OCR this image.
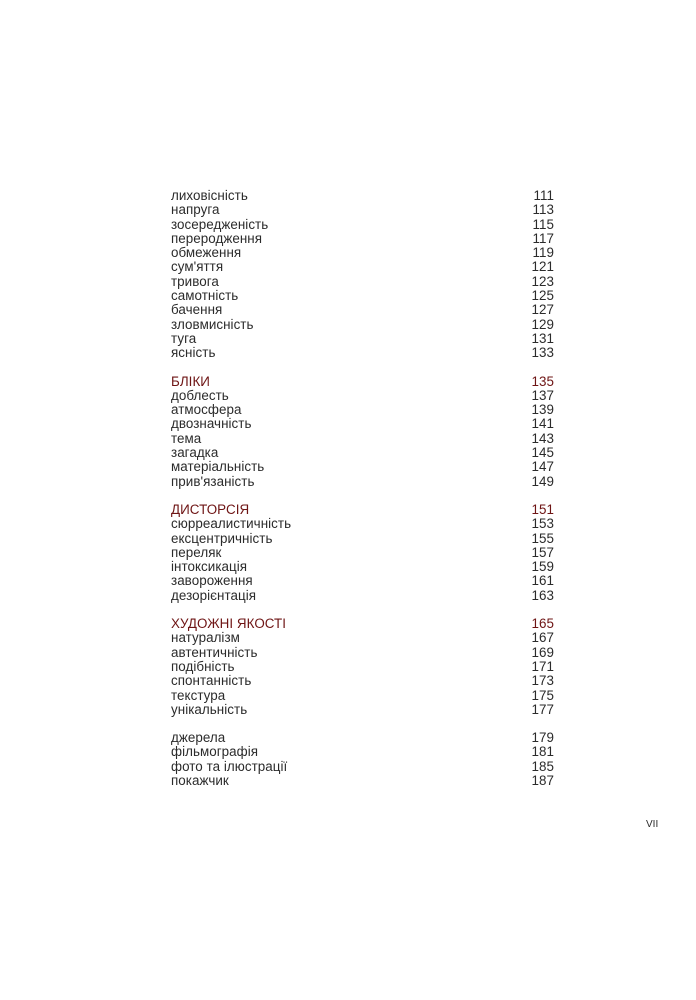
лиховісність	111
напруга	113
зосередженість	115
переродження	117
обмеження	119
сум'яття	121
тривога	123
самотність	125
бачення	127
зловмисність	129
туга	131
ясність	133
БЛІКИ	135
доблесть	137
атмосфера	139
двозначність	141
тема	143
загадка	145
матеріальність	147
прив'язаність	149
ДИСТОРСІЯ	151
сюрреалистичність	153
ексцентричність	155
переляк	157
інтоксикація	159
завороження	161
дезорієнтація	163
ХУДОЖНІ ЯКОСТІ	165
натуралізм	167
автентичність	169
подібність	171
спонтанність	173
текстура	175
унікальність	177
джерела	179
фільмографія	181
фото та ілюстрації	185
покажчик	187
VII
